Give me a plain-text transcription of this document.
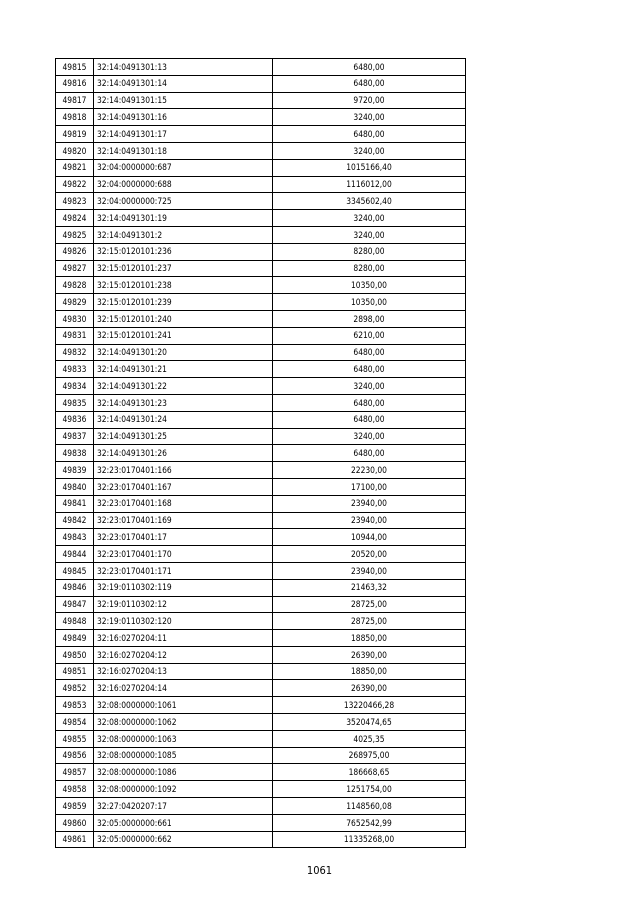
49815	32:14:0491301:13	6480,00
49816	32:14:0491301:14	6480,00
49817	32:14:0491301:15	9720,00
49818	32:14:0491301:16	3240,00
49819	32:14:0491301:17	6480,00
49820	32:14:0491301:18	3240,00
49821	32:04:0000000:687	1015166,40
49822	32:04:0000000:688	1116012,00
49823	32:04:0000000:725	3345602,40
49824	32:14:0491301:19	3240,00
49825	32:14:0491301:2	3240,00
49826	32:15:0120101:236	8280,00
49827	32:15:0120101:237	8280,00
49828	32:15:0120101:238	10350,00
49829	32:15:0120101:239	10350,00
49830	32:15:0120101:240	2898,00
49831	32:15:0120101:241	6210,00
49832	32:14:0491301:20	6480,00
49833	32:14:0491301:21	6480,00
49834	32:14:0491301:22	3240,00
49835	32:14:0491301:23	6480,00
49836	32:14:0491301:24	6480,00
49837	32:14:0491301:25	3240,00
49838	32:14:0491301:26	6480,00
49839	32:23:0170401:166	22230,00
49840	32:23:0170401:167	17100,00
49841	32:23:0170401:168	23940,00
49842	32:23:0170401:169	23940,00
49843	32:23:0170401:17	10944,00
49844	32:23:0170401:170	20520,00
49845	32:23:0170401:171	23940,00
49846	32:19:0110302:119	21463,32
49847	32:19:0110302:12	28725,00
49848	32:19:0110302:120	28725,00
49849	32:16:0270204:11	18850,00
49850	32:16:0270204:12	26390,00
49851	32:16:0270204:13	18850,00
49852	32:16:0270204:14	26390,00
49853	32:08:0000000:1061	13220466,28
49854	32:08:0000000:1062	3520474,65
49855	32:08:0000000:1063	4025,35
49856	32:08:0000000:1085	268975,00
49857	32:08:0000000:1086	186668,65
49858	32:08:0000000:1092	1251754,00
49859	32:27:0420207:17	1148560,08
49860	32:05:0000000:661	7652542,99
49861	32:05:0000000:662	11335268,00
1061
